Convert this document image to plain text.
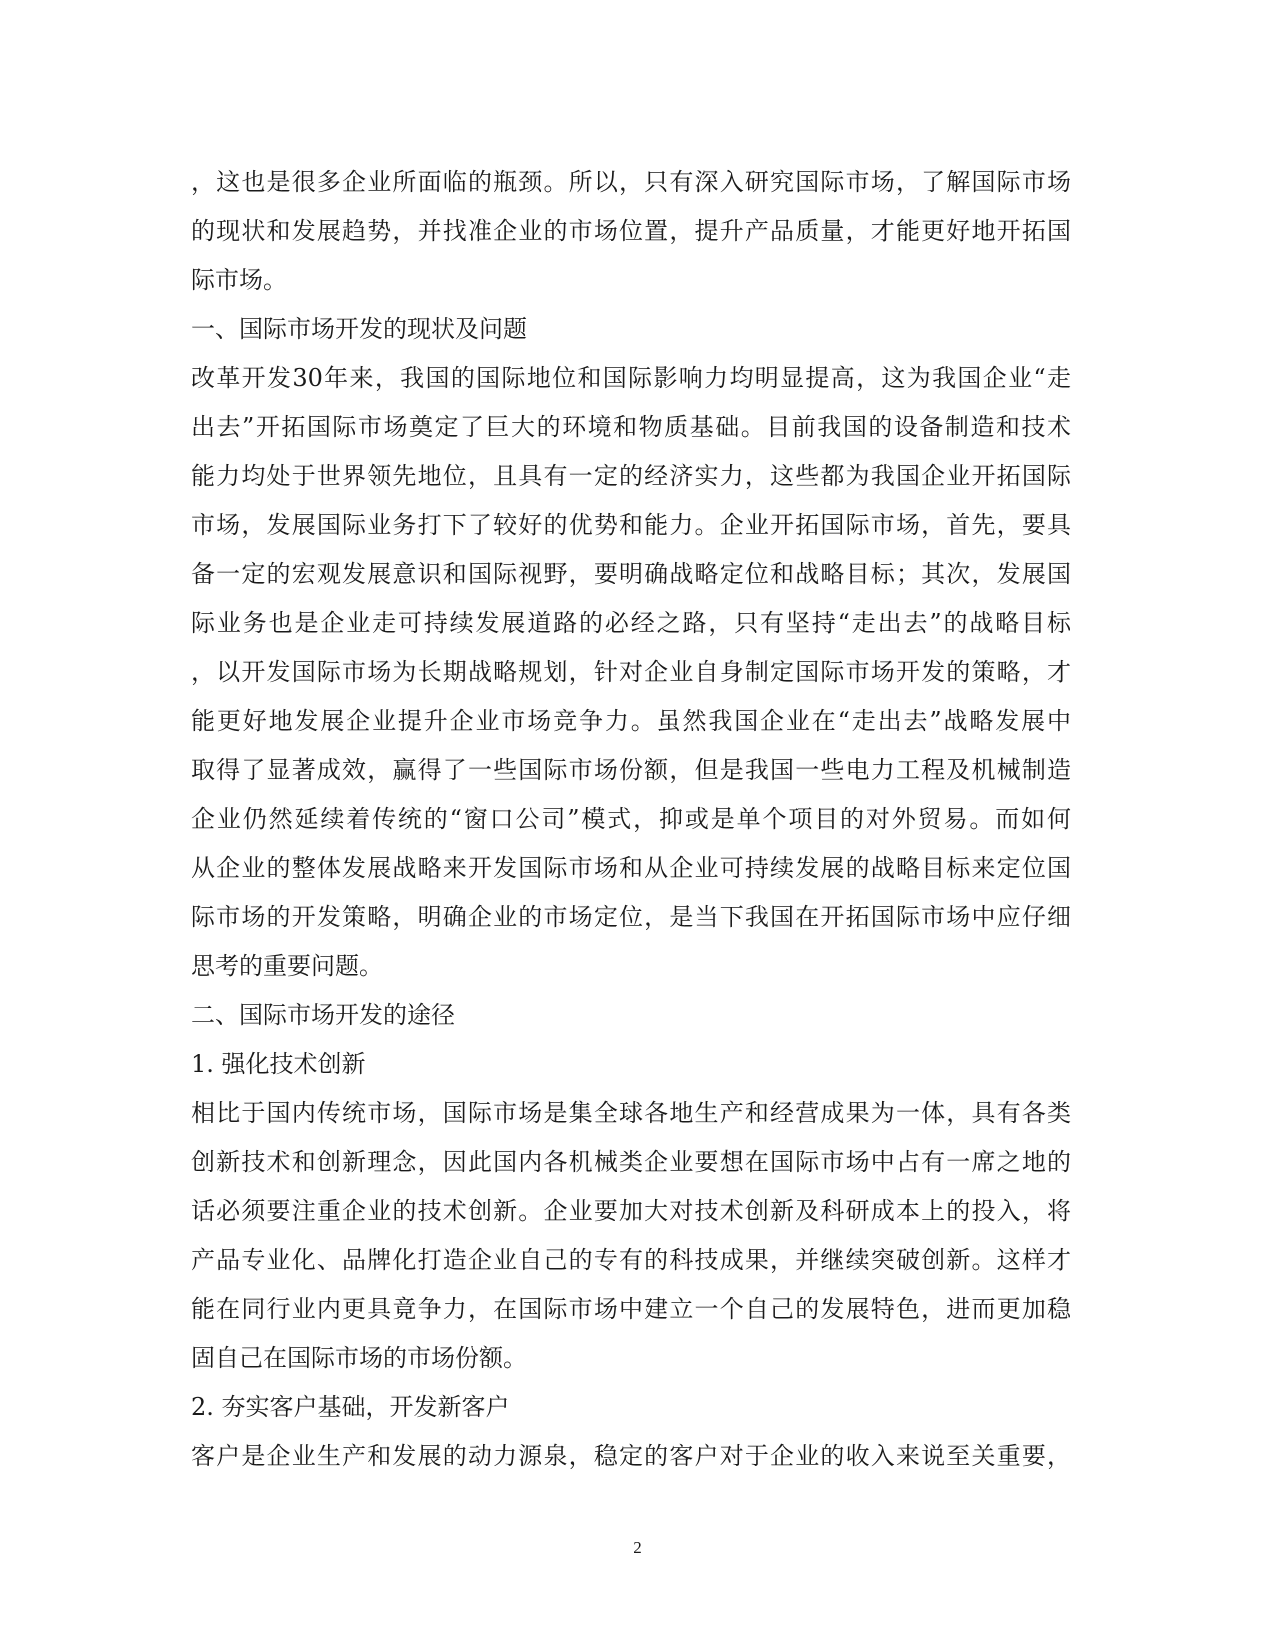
，这也是很多企业所面临的瓶颈。所以，只有深入研究国际市场，了解国际市场
的现状和发展趋势，并找准企业的市场位置，提升产品质量，才能更好地开拓国
际市场。
一、国际市场开发的现状及问题
改革开发30年来，我国的国际地位和国际影响力均明显提高，这为我国企业“走
出去”开拓国际市场奠定了巨大的环境和物质基础。目前我国的设备制造和技术
能力均处于世界领先地位，且具有一定的经济实力，这些都为我国企业开拓国际
市场，发展国际业务打下了较好的优势和能力。企业开拓国际市场，首先，要具
备一定的宏观发展意识和国际视野，要明确战略定位和战略目标；其次，发展国
际业务也是企业走可持续发展道路的必经之路，只有坚持“走出去”的战略目标
，以开发国际市场为长期战略规划，针对企业自身制定国际市场开发的策略，才
能更好地发展企业提升企业市场竞争力。虽然我国企业在“走出去”战略发展中
取得了显著成效，赢得了一些国际市场份额，但是我国一些电力工程及机械制造
企业仍然延续着传统的“窗口公司”模式，抑或是单个项目的对外贸易。而如何
从企业的整体发展战略来开发国际市场和从企业可持续发展的战略目标来定位国
际市场的开发策略，明确企业的市场定位，是当下我国在开拓国际市场中应仔细
思考的重要问题。
二、国际市场开发的途径
1. 强化技术创新
相比于国内传统市场，国际市场是集全球各地生产和经营成果为一体，具有各类
创新技术和创新理念，因此国内各机械类企业要想在国际市场中占有一席之地的
话必须要注重企业的技术创新。企业要加大对技术创新及科研成本上的投入，将
产品专业化、品牌化打造企业自己的专有的科技成果，并继续突破创新。这样才
能在同行业内更具竟争力，在国际市场中建立一个自己的发展特色，进而更加稳
固自己在国际市场的市场份额。
2. 夯实客户基础，开发新客户
客户是企业生产和发展的动力源泉，稳定的客户对于企业的收入来说至关重要，
2
